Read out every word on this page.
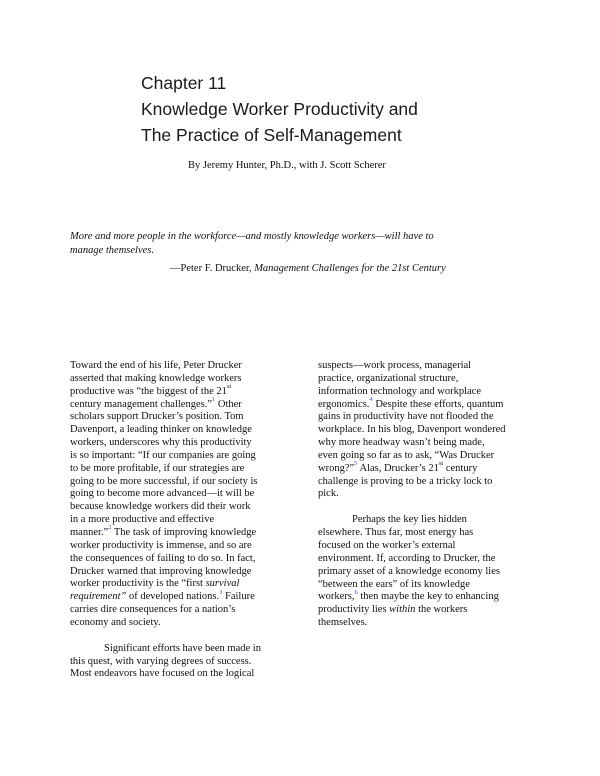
Chapter 11
Knowledge Worker Productivity and
The Practice of Self-Management
By Jeremy Hunter, Ph.D., with J. Scott Scherer
More and more people in the workforce—and mostly knowledge workers—will have to
manage themselves.
—Peter F. Drucker, Management Challenges for the 21st Century

Toward the end of his life, Peter Drucker
asserted that making knowledge workers
productive was “the biggest of the 21st
century management challenges.”$^1$ Other
scholars support Drucker’s position. Tom
Davenport, a leading thinker on knowledge
workers, underscores why this productivity
is so important: “If our companies are going
to be more profitable, if our strategies are
going to be more successful, if our society is
going to become more advanced—it will be
because knowledge workers did their work
in a more productive and effective
manner.”$^2$ The task of improving knowledge
worker productivity is immense, and so are
the consequences of failing to do so. In fact,
Drucker warned that improving knowledge
worker productivity is the “first survival
requirement” of developed nations.$^3$ Failure
carries dire consequences for a nation’s
economy and society.

Significant efforts have been made in
this quest, with varying degrees of success.
Most endeavors have focused on the logical

suspects—work process, managerial
practice, organizational structure,
information technology and workplace
ergonomics.$^4$ Despite these efforts, quantum
gains in productivity have not flooded the
workplace. In his blog, Davenport wondered
why more headway wasn’t being made,
even going so far as to ask, “Was Drucker
wrong?”$^5$ Alas, Drucker’s 21st century
challenge is proving to be a tricky lock to
pick.

Perhaps the key lies hidden
elsewhere. Thus far, most energy has
focused on the worker’s external
environment. If, according to Drucker, the
primary asset of a knowledge economy lies
“between the ears” of its knowledge
workers,$^6$ then maybe the key to enhancing
productivity lies within the workers
themselves.
